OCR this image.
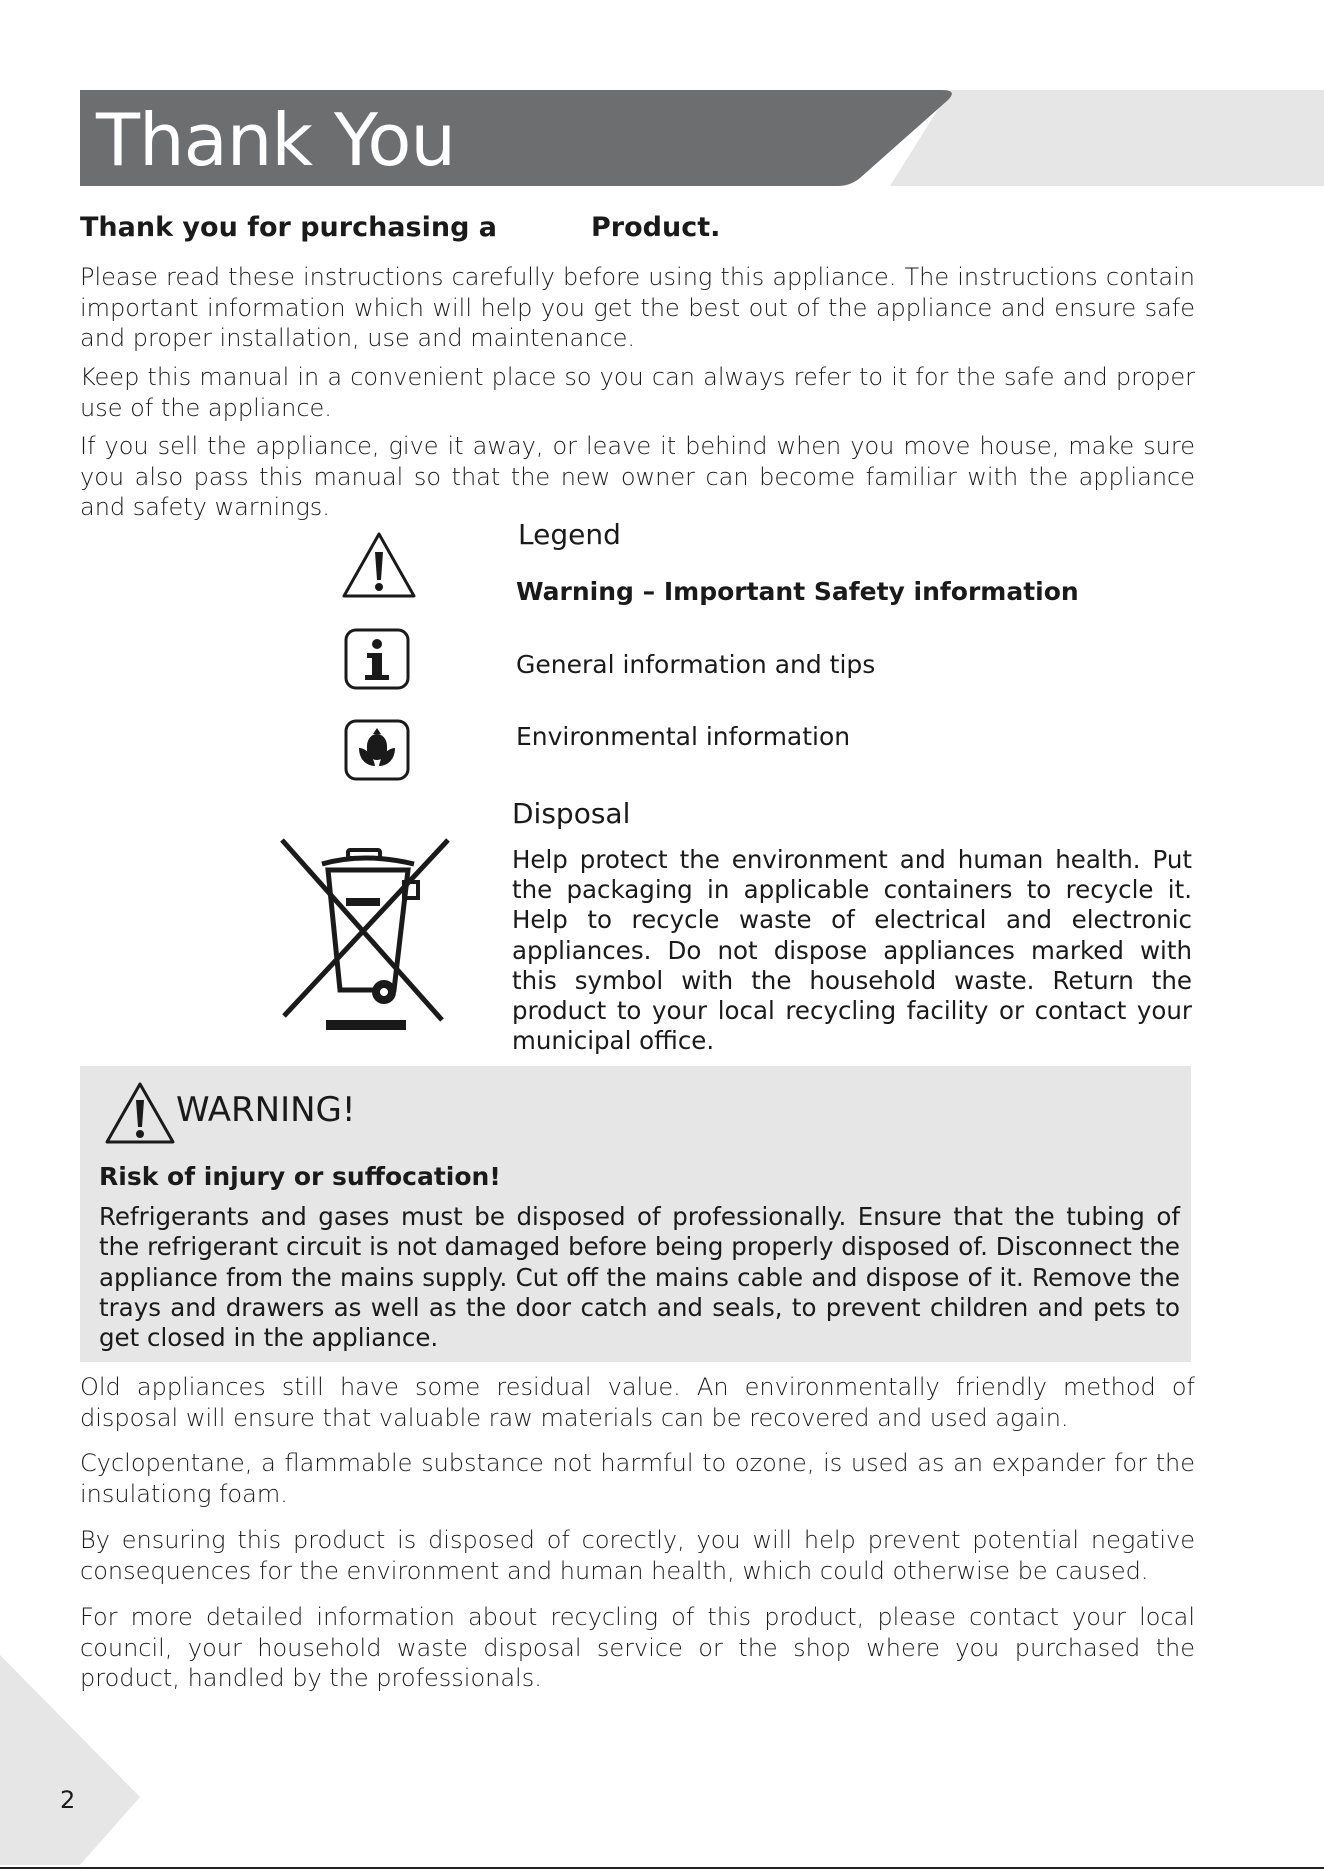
Thank You
Thank you for purchasing a          Product.

Please read these instructions carefully before using this appliance. The instructions contain important information which will help you get the best out of the appliance and ensure safe and proper installation, use and maintenance.

Keep this manual in a convenient place so you can always refer to it for the safe and proper use of the appliance.

If you sell the appliance, give it away, or leave it behind when you move house, make sure you also pass this manual so that the new owner can become familiar with the appliance and safety warnings.

Legend

Warning – Important Safety information

General information and tips

Environmental information

Disposal

Help protect the environment and human health. Put the packaging in applicable containers to recycle it. Help to recycle waste of electrical and electronic appliances. Do not dispose appliances marked with this symbol with the household waste. Return the product to your local recycling facility or contact your municipal office.

WARNING!
Risk of injury or suffocation!

Refrigerants and gases must be disposed of professionally. Ensure that the tubing of the refrigerant circuit is not damaged before being properly disposed of. Disconnect the appliance from the mains supply. Cut off the mains cable and dispose of it. Remove the trays and drawers as well as the door catch and seals, to prevent children and pets to get closed in the appliance.

Old appliances still have some residual value. An environmentally friendly method of disposal will ensure that valuable raw materials can be recovered and used again.

Cyclopentane, a flammable substance not harmful to ozone, is used as an expander for the insulationg foam.

By ensuring this product is disposed of corectly, you will help prevent potential negative consequences for the environment and human health, which could otherwise be caused.

For more detailed information about recycling of this product, please contact your local council, your household waste disposal service or the shop where you purchased the product, handled by the professionals.

2
